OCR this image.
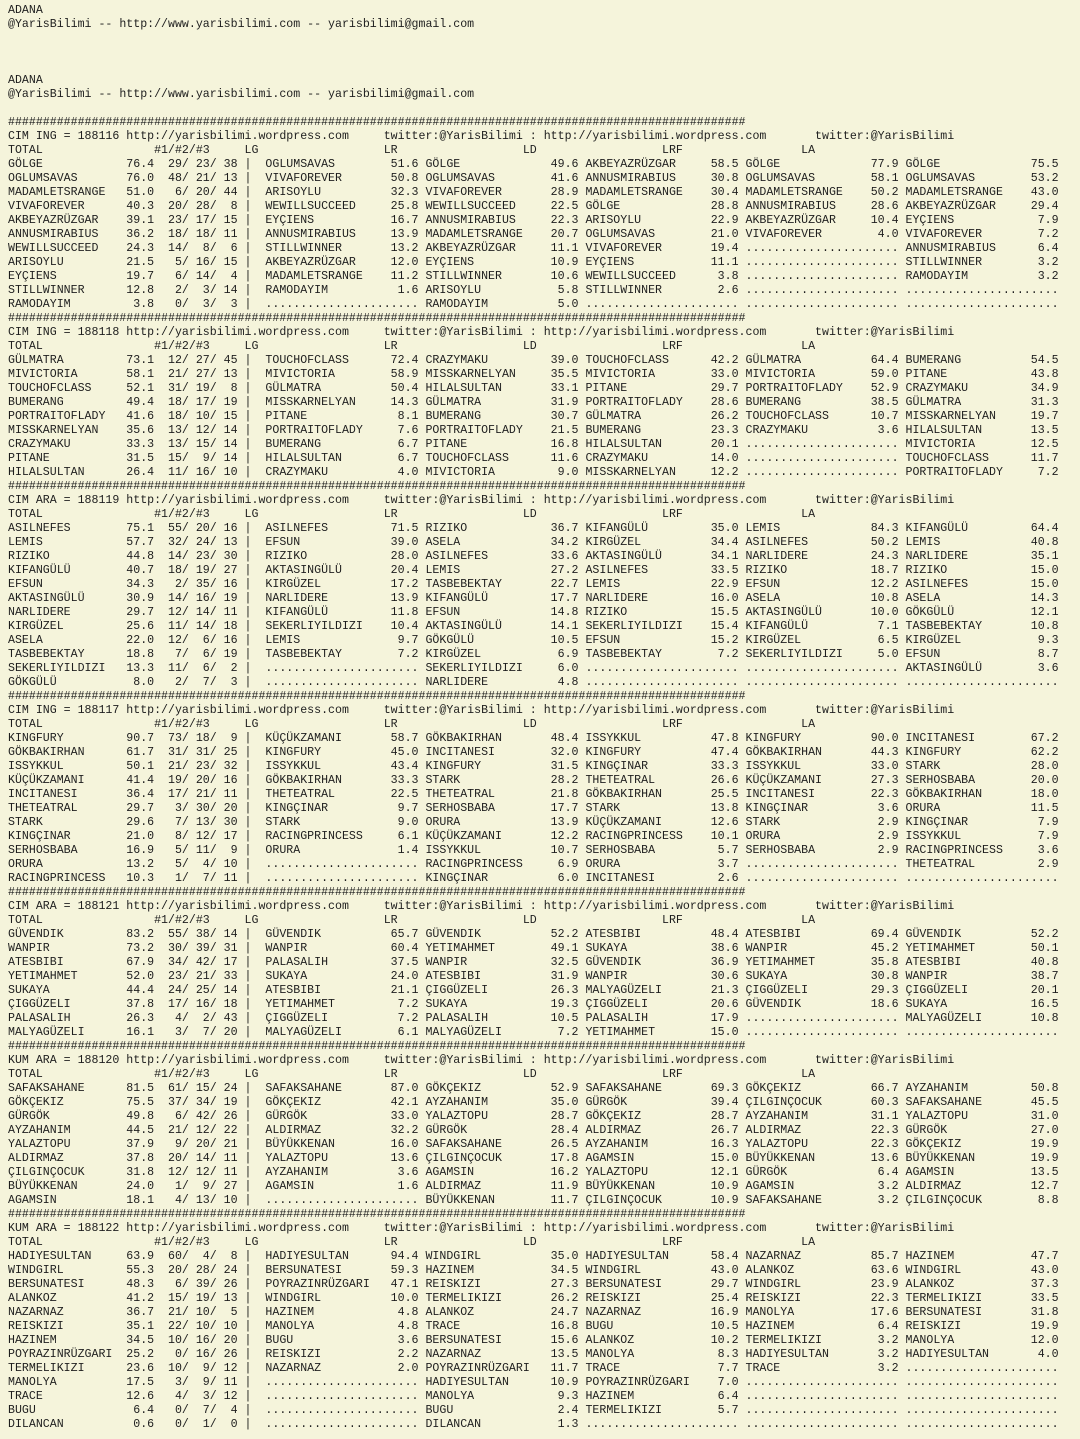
ADANA
@YarisBilimi -- http://www.yarisbilimi.com -- yarisbilimi@gmail.com
ADANA
@YarisBilimi -- http://www.yarisbilimi.com -- yarisbilimi@gmail.com
##########################################################################################################
CIM ING = 188116 http://yarisbilimi.wordpress.com     twitter:@YarisBilimi : http://yarisbilimi.wordpress.com       twitter:@YarisBilimi
TOTAL                #1/#2/#3     LG                  LR                  LD                  LRF                 LA
GÖLGE            76.4  29/ 23/ 38 |  OGLUMSAVAS        51.6 GÖLGE             49.6 AKBEYAZRÜZGAR     58.5 GÖLGE             77.9 GÖLGE             75.5
OGLUMSAVAS       76.0  48/ 21/ 13 |  VIVAFOREVER       50.8 OGLUMSAVAS        41.6 ANNUSMIRABIUS     30.8 OGLUMSAVAS        58.1 OGLUMSAVAS        53.2
MADAMLETSRANGE   51.0   6/ 20/ 44 |  ARISOYLU          32.3 VIVAFOREVER       28.9 MADAMLETSRANGE    30.4 MADAMLETSRANGE    50.2 MADAMLETSRANGE    43.0
VIVAFOREVER      40.3  20/ 28/  8 |  WEWILLSUCCEED     25.8 WEWILLSUCCEED     22.5 GÖLGE             28.8 ANNUSMIRABIUS     28.6 AKBEYAZRÜZGAR     29.4
AKBEYAZRÜZGAR    39.1  23/ 17/ 15 |  EYÇIENS           16.7 ANNUSMIRABIUS     22.3 ARISOYLU          22.9 AKBEYAZRÜZGAR     10.4 EYÇIENS            7.9
ANNUSMIRABIUS    36.2  18/ 18/ 11 |  ANNUSMIRABIUS     13.9 MADAMLETSRANGE    20.7 OGLUMSAVAS        21.0 VIVAFOREVER        4.0 VIVAFOREVER        7.2
WEWILLSUCCEED    24.3  14/  8/  6 |  STILLWINNER       13.2 AKBEYAZRÜZGAR     11.1 VIVAFOREVER       19.4 ...................... ANNUSMIRABIUS      6.4
ARISOYLU         21.5   5/ 16/ 15 |  AKBEYAZRÜZGAR     12.0 EYÇIENS           10.9 EYÇIENS           11.1 ...................... STILLWINNER        3.2
EYÇIENS          19.7   6/ 14/  4 |  MADAMLETSRANGE    11.2 STILLWINNER       10.6 WEWILLSUCCEED      3.8 ...................... RAMODAYIM          3.2
STILLWINNER      12.8   2/  3/ 14 |  RAMODAYIM          1.6 ARISOYLU           5.8 STILLWINNER        2.6 ...................... ......................
RAMODAYIM         3.8   0/  3/  3 |  ...................... RAMODAYIM          5.0 ...................... ...................... ......................
##########################################################################################################
CIM ING = 188118 http://yarisbilimi.wordpress.com     twitter:@YarisBilimi : http://yarisbilimi.wordpress.com       twitter:@YarisBilimi
TOTAL                #1/#2/#3     LG                  LR                  LD                  LRF                 LA
GÜLMATRA         73.1  12/ 27/ 45 |  TOUCHOFCLASS      72.4 CRAZYMAKU         39.0 TOUCHOFCLASS      42.2 GÜLMATRA          64.4 BUMERANG          54.5
MIVICTORIA       58.1  21/ 27/ 13 |  MIVICTORIA        58.9 MISSKARNELYAN     35.5 MIVICTORIA        33.0 MIVICTORIA        59.0 PITANE            43.8
TOUCHOFCLASS     52.1  31/ 19/  8 |  GÜLMATRA          50.4 HILALSULTAN       33.1 PITANE            29.7 PORTRAITOFLADY    52.9 CRAZYMAKU         34.9
BUMERANG         49.4  18/ 17/ 19 |  MISSKARNELYAN     14.3 GÜLMATRA          31.9 PORTRAITOFLADY    28.6 BUMERANG          38.5 GÜLMATRA          31.3
PORTRAITOFLADY   41.6  18/ 10/ 15 |  PITANE             8.1 BUMERANG          30.7 GÜLMATRA          26.2 TOUCHOFCLASS      10.7 MISSKARNELYAN     19.7
MISSKARNELYAN    35.6  13/ 12/ 14 |  PORTRAITOFLADY     7.6 PORTRAITOFLADY    21.5 BUMERANG          23.3 CRAZYMAKU          3.6 HILALSULTAN       13.5
CRAZYMAKU        33.3  13/ 15/ 14 |  BUMERANG           6.7 PITANE            16.8 HILALSULTAN       20.1 ...................... MIVICTORIA        12.5
PITANE           31.5  15/  9/ 14 |  HILALSULTAN        6.7 TOUCHOFCLASS      11.6 CRAZYMAKU         14.0 ...................... TOUCHOFCLASS      11.7
HILALSULTAN      26.4  11/ 16/ 10 |  CRAZYMAKU          4.0 MIVICTORIA         9.0 MISSKARNELYAN     12.2 ...................... PORTRAITOFLADY     7.2
##########################################################################################################
CIM ARA = 188119 http://yarisbilimi.wordpress.com     twitter:@YarisBilimi : http://yarisbilimi.wordpress.com       twitter:@YarisBilimi
TOTAL                #1/#2/#3     LG                  LR                  LD                  LRF                 LA
ASILNEFES        75.1  55/ 20/ 16 |  ASILNEFES         71.5 RIZIKO            36.7 KIFANGÜLÜ         35.0 LEMIS             84.3 KIFANGÜLÜ         64.4
LEMIS            57.7  32/ 24/ 13 |  EFSUN             39.0 ASELA             34.2 KIRGÜZEL          34.4 ASILNEFES         50.2 LEMIS             40.8
RIZIKO           44.8  14/ 23/ 30 |  RIZIKO            28.0 ASILNEFES         33.6 AKTASINGÜLÜ       34.1 NARLIDERE         24.3 NARLIDERE         35.1
KIFANGÜLÜ        40.7  18/ 19/ 27 |  AKTASINGÜLÜ       20.4 LEMIS             27.2 ASILNEFES         33.5 RIZIKO            18.7 RIZIKO            15.0
EFSUN            34.3   2/ 35/ 16 |  KIRGÜZEL          17.2 TASBEBEKTAY       22.7 LEMIS             22.9 EFSUN             12.2 ASILNEFES         15.0
AKTASINGÜLÜ      30.9  14/ 16/ 19 |  NARLIDERE         13.9 KIFANGÜLÜ         17.7 NARLIDERE         16.0 ASELA             10.8 ASELA             14.3
NARLIDERE        29.7  12/ 14/ 11 |  KIFANGÜLÜ         11.8 EFSUN             14.8 RIZIKO            15.5 AKTASINGÜLÜ       10.0 GÖKGÜLÜ           12.1
KIRGÜZEL         25.6  11/ 14/ 18 |  SEKERLIYILDIZI    10.4 AKTASINGÜLÜ       14.1 SEKERLIYILDIZI    15.4 KIFANGÜLÜ          7.1 TASBEBEKTAY       10.8
ASELA            22.0  12/  6/ 16 |  LEMIS              9.7 GÖKGÜLÜ           10.5 EFSUN             15.2 KIRGÜZEL           6.5 KIRGÜZEL           9.3
TASBEBEKTAY      18.8   7/  6/ 19 |  TASBEBEKTAY        7.2 KIRGÜZEL           6.9 TASBEBEKTAY        7.2 SEKERLIYILDIZI     5.0 EFSUN              8.7
SEKERLIYILDIZI   13.3  11/  6/  2 |  ...................... SEKERLIYILDIZI     6.0 ...................... ...................... AKTASINGÜLÜ        3.6
GÖKGÜLÜ           8.0   2/  7/  3 |  ...................... NARLIDERE          4.8 ...................... ...................... ......................
##########################################################################################################
CIM ING = 188117 http://yarisbilimi.wordpress.com     twitter:@YarisBilimi : http://yarisbilimi.wordpress.com       twitter:@YarisBilimi
TOTAL                #1/#2/#3     LG                  LR                  LD                  LRF                 LA
KINGFURY         90.7  73/ 18/  9 |  KÜÇÜKZAMANI       58.7 GÖKBAKIRHAN       48.4 ISSYKKUL          47.8 KINGFURY          90.0 INCITANESI        67.2
GÖKBAKIRHAN      61.7  31/ 31/ 25 |  KINGFURY          45.0 INCITANESI        32.0 KINGFURY          47.4 GÖKBAKIRHAN       44.3 KINGFURY          62.2
ISSYKKUL         50.1  21/ 23/ 32 |  ISSYKKUL          43.4 KINGFURY          31.5 KINGÇINAR         33.3 ISSYKKUL          33.0 STARK             28.0
KÜÇÜKZAMANI      41.4  19/ 20/ 16 |  GÖKBAKIRHAN       33.3 STARK             28.2 THETEATRAL        26.6 KÜÇÜKZAMANI       27.3 SERHOSBABA        20.0
INCITANESI       36.4  17/ 21/ 11 |  THETEATRAL        22.5 THETEATRAL        21.8 GÖKBAKIRHAN       25.5 INCITANESI        22.3 GÖKBAKIRHAN       18.0
THETEATRAL       29.7   3/ 30/ 20 |  KINGÇINAR          9.7 SERHOSBABA        17.7 STARK             13.8 KINGÇINAR          3.6 ORURA             11.5
STARK            29.6   7/ 13/ 30 |  STARK              9.0 ORURA             13.9 KÜÇÜKZAMANI       12.6 STARK              2.9 KINGÇINAR          7.9
KINGÇINAR        21.0   8/ 12/ 17 |  RACINGPRINCESS     6.1 KÜÇÜKZAMANI       12.2 RACINGPRINCESS    10.1 ORURA              2.9 ISSYKKUL           7.9
SERHOSBABA       16.9   5/ 11/  9 |  ORURA              1.4 ISSYKKUL          10.7 SERHOSBABA         5.7 SERHOSBABA         2.9 RACINGPRINCESS     3.6
ORURA            13.2   5/  4/ 10 |  ...................... RACINGPRINCESS     6.9 ORURA              3.7 ...................... THETEATRAL         2.9
RACINGPRINCESS   10.3   1/  7/ 11 |  ...................... KINGÇINAR          6.0 INCITANESI         2.6 ...................... ......................
##########################################################################################################
CIM ARA = 188121 http://yarisbilimi.wordpress.com     twitter:@YarisBilimi : http://yarisbilimi.wordpress.com       twitter:@YarisBilimi
TOTAL                #1/#2/#3     LG                  LR                  LD                  LRF                 LA
GÜVENDIK         83.2  55/ 38/ 14 |  GÜVENDIK          65.7 GÜVENDIK          52.2 ATESBIBI          48.4 ATESBIBI          69.4 GÜVENDIK          52.2
WANPIR           73.2  30/ 39/ 31 |  WANPIR            60.4 YETIMAHMET        49.1 SUKAYA            38.6 WANPIR            45.2 YETIMAHMET        50.1
ATESBIBI         67.9  34/ 42/ 17 |  PALASALIH         37.5 WANPIR            32.5 GÜVENDIK          36.9 YETIMAHMET        35.8 ATESBIBI          40.8
YETIMAHMET       52.0  23/ 21/ 33 |  SUKAYA            24.0 ATESBIBI          31.9 WANPIR            30.6 SUKAYA            30.8 WANPIR            38.7
SUKAYA           44.4  24/ 25/ 14 |  ATESBIBI          21.1 ÇIGGÜZELI         26.3 MALYAGÜZELI       21.3 ÇIGGÜZELI         29.3 ÇIGGÜZELI         20.1
ÇIGGÜZELI        37.8  17/ 16/ 18 |  YETIMAHMET         7.2 SUKAYA            19.3 ÇIGGÜZELI         20.6 GÜVENDIK          18.6 SUKAYA            16.5
PALASALIH        26.3   4/  2/ 43 |  ÇIGGÜZELI          7.2 PALASALIH         10.5 PALASALIH         17.9 ...................... MALYAGÜZELI       10.8
MALYAGÜZELI      16.1   3/  7/ 20 |  MALYAGÜZELI        6.1 MALYAGÜZELI        7.2 YETIMAHMET        15.0 ...................... ......................
##########################################################################################################
KUM ARA = 188120 http://yarisbilimi.wordpress.com     twitter:@YarisBilimi : http://yarisbilimi.wordpress.com       twitter:@YarisBilimi
TOTAL                #1/#2/#3     LG                  LR                  LD                  LRF                 LA
SAFAKSAHANE      81.5  61/ 15/ 24 |  SAFAKSAHANE       87.0 GÖKÇEKIZ          52.9 SAFAKSAHANE       69.3 GÖKÇEKIZ          66.7 AYZAHANIM         50.8
GÖKÇEKIZ         75.5  37/ 34/ 19 |  GÖKÇEKIZ          42.1 AYZAHANIM         35.0 GÜRGÖK            39.4 ÇILGINÇOCUK       60.3 SAFAKSAHANE       45.5
GÜRGÖK           49.8   6/ 42/ 26 |  GÜRGÖK            33.0 YALAZTOPU         28.7 GÖKÇEKIZ          28.7 AYZAHANIM         31.1 YALAZTOPU         31.0
AYZAHANIM        44.5  21/ 12/ 22 |  ALDIRMAZ          32.2 GÜRGÖK            28.4 ALDIRMAZ          26.7 ALDIRMAZ          22.3 GÜRGÖK            27.0
YALAZTOPU        37.9   9/ 20/ 21 |  BÜYÜKKENAN        16.0 SAFAKSAHANE       26.5 AYZAHANIM         16.3 YALAZTOPU         22.3 GÖKÇEKIZ          19.9
ALDIRMAZ         37.8  20/ 14/ 11 |  YALAZTOPU         13.6 ÇILGINÇOCUK       17.8 AGAMSIN           15.0 BÜYÜKKENAN        13.6 BÜYÜKKENAN        19.9
ÇILGINÇOCUK      31.8  12/ 12/ 11 |  AYZAHANIM          3.6 AGAMSIN           16.2 YALAZTOPU         12.1 GÜRGÖK             6.4 AGAMSIN           13.5
BÜYÜKKENAN       24.0   1/  9/ 27 |  AGAMSIN            1.6 ALDIRMAZ          11.9 BÜYÜKKENAN        10.9 AGAMSIN            3.2 ALDIRMAZ          12.7
AGAMSIN          18.1   4/ 13/ 10 |  ...................... BÜYÜKKENAN        11.7 ÇILGINÇOCUK       10.9 SAFAKSAHANE        3.2 ÇILGINÇOCUK        8.8
##########################################################################################################
KUM ARA = 188122 http://yarisbilimi.wordpress.com     twitter:@YarisBilimi : http://yarisbilimi.wordpress.com       twitter:@YarisBilimi
TOTAL                #1/#2/#3     LG                  LR                  LD                  LRF                 LA
HADIYESULTAN     63.9  60/  4/  8 |  HADIYESULTAN      94.4 WINDGIRL          35.0 HADIYESULTAN      58.4 NAZARNAZ          85.7 HAZINEM           47.7
WINDGIRL         55.3  20/ 28/ 24 |  BERSUNATESI       59.3 HAZINEM           34.5 WINDGIRL          43.0 ALANKOZ           63.6 WINDGIRL          43.0
BERSUNATESI      48.3   6/ 39/ 26 |  POYRAZINRÜZGARI   47.1 REISKIZI          27.3 BERSUNATESI       29.7 WINDGIRL          23.9 ALANKOZ           37.3
ALANKOZ          41.2  15/ 19/ 13 |  WINDGIRL          10.0 TERMELIKIZI       26.2 REISKIZI          25.4 REISKIZI          22.3 TERMELIKIZI       33.5
NAZARNAZ         36.7  21/ 10/  5 |  HAZINEM            4.8 ALANKOZ           24.7 NAZARNAZ          16.9 MANOLYA           17.6 BERSUNATESI       31.8
REISKIZI         35.1  22/ 10/ 10 |  MANOLYA            4.8 TRACE             16.8 BUGU              10.5 HAZINEM            6.4 REISKIZI          19.9
HAZINEM          34.5  10/ 16/ 20 |  BUGU               3.6 BERSUNATESI       15.6 ALANKOZ           10.2 TERMELIKIZI        3.2 MANOLYA           12.0
POYRAZINRÜZGARI  25.2   0/ 16/ 26 |  REISKIZI           2.2 NAZARNAZ          13.5 MANOLYA            8.3 HADIYESULTAN       3.2 HADIYESULTAN       4.0
TERMELIKIZI      23.6  10/  9/ 12 |  NAZARNAZ           2.0 POYRAZINRÜZGARI   11.7 TRACE              7.7 TRACE              3.2 ......................
MANOLYA          17.5   3/  9/ 11 |  ...................... HADIYESULTAN      10.9 POYRAZINRÜZGARI    7.0 ...................... ......................
TRACE            12.6   4/  3/ 12 |  ...................... MANOLYA            9.3 HAZINEM            6.4 ...................... ......................
BUGU              6.4   0/  7/  4 |  ...................... BUGU               2.4 TERMELIKIZI        5.7 ...................... ......................
DILANCAN          0.6   0/  1/  0 |  ...................... DILANCAN           1.3 ...................... ...................... ......................
